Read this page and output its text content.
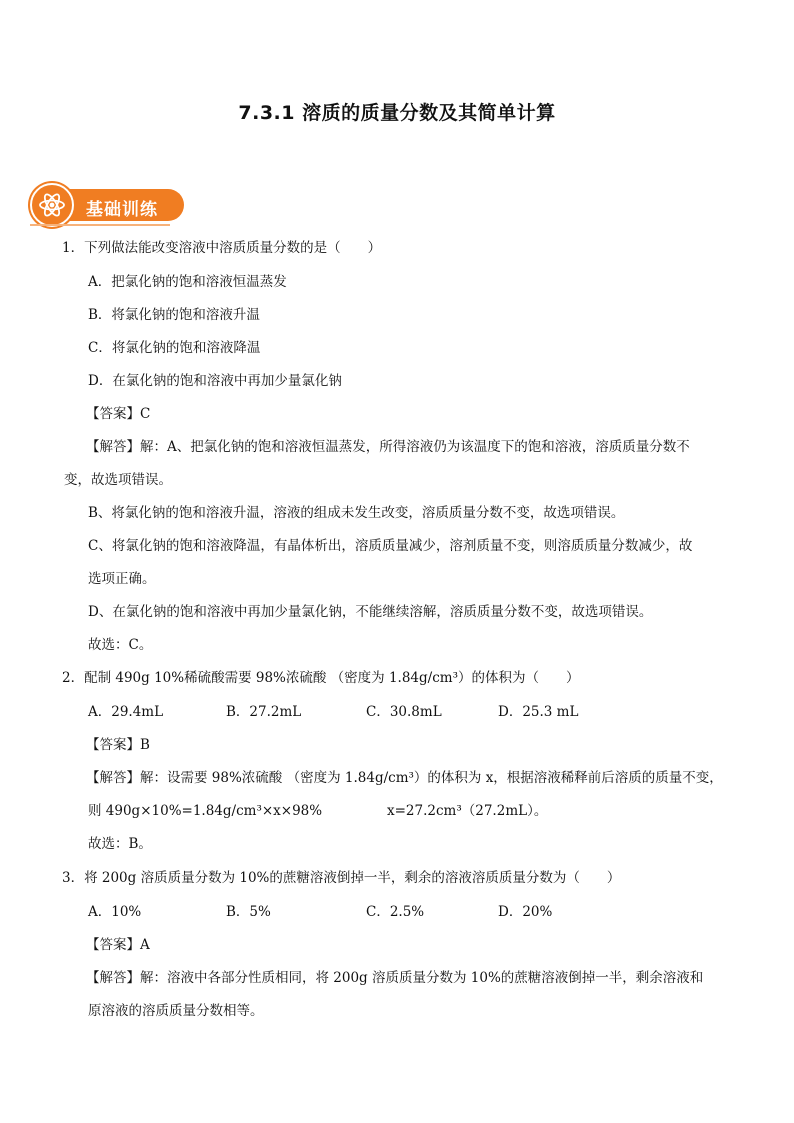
7.3.1 溶质的质量分数及其简单计算
基础训练
1．下列做法能改变溶液中溶质质量分数的是（　　）
A．把氯化钠的饱和溶液恒温蒸发
B．将氯化钠的饱和溶液升温
C．将氯化钠的饱和溶液降温
D．在氯化钠的饱和溶液中再加少量氯化钠
【答案】C
【解答】解：A、把氯化钠的饱和溶液恒温蒸发，所得溶液仍为该温度下的饱和溶液，溶质质量分数不
变，故选项错误。
B、将氯化钠的饱和溶液升温，溶液的组成未发生改变，溶质质量分数不变，故选项错误。
C、将氯化钠的饱和溶液降温，有晶体析出，溶质质量减少，溶剂质量不变，则溶质质量分数减少，故
选项正确。
D、在氯化钠的饱和溶液中再加少量氯化钠，不能继续溶解，溶质质量分数不变，故选项错误。
故选：C。
2．配制 490g 10%稀硫酸需要 98%浓硫酸 （密度为 1.84g/cm³）的体积为（　　）
A．29.4mL	B．27.2mL	C．30.8mL	D．25.3 mL
【答案】B
【解答】解：设需要 98%浓硫酸 （密度为 1.84g/cm³）的体积为 x，根据溶液稀释前后溶质的质量不变，
则 490g×10%=1.84g/cm³×x×98%	x=27.2cm³（27.2mL）。
故选：B。
3．将 200g 溶质质量分数为 10%的蔗糖溶液倒掉一半，剩余的溶液溶质质量分数为（　　）
A．10%	B．5%	C．2.5%	D．20%
【答案】A
【解答】解：溶液中各部分性质相同，将 200g 溶质质量分数为 10%的蔗糖溶液倒掉一半，剩余溶液和
原溶液的溶质质量分数相等。
